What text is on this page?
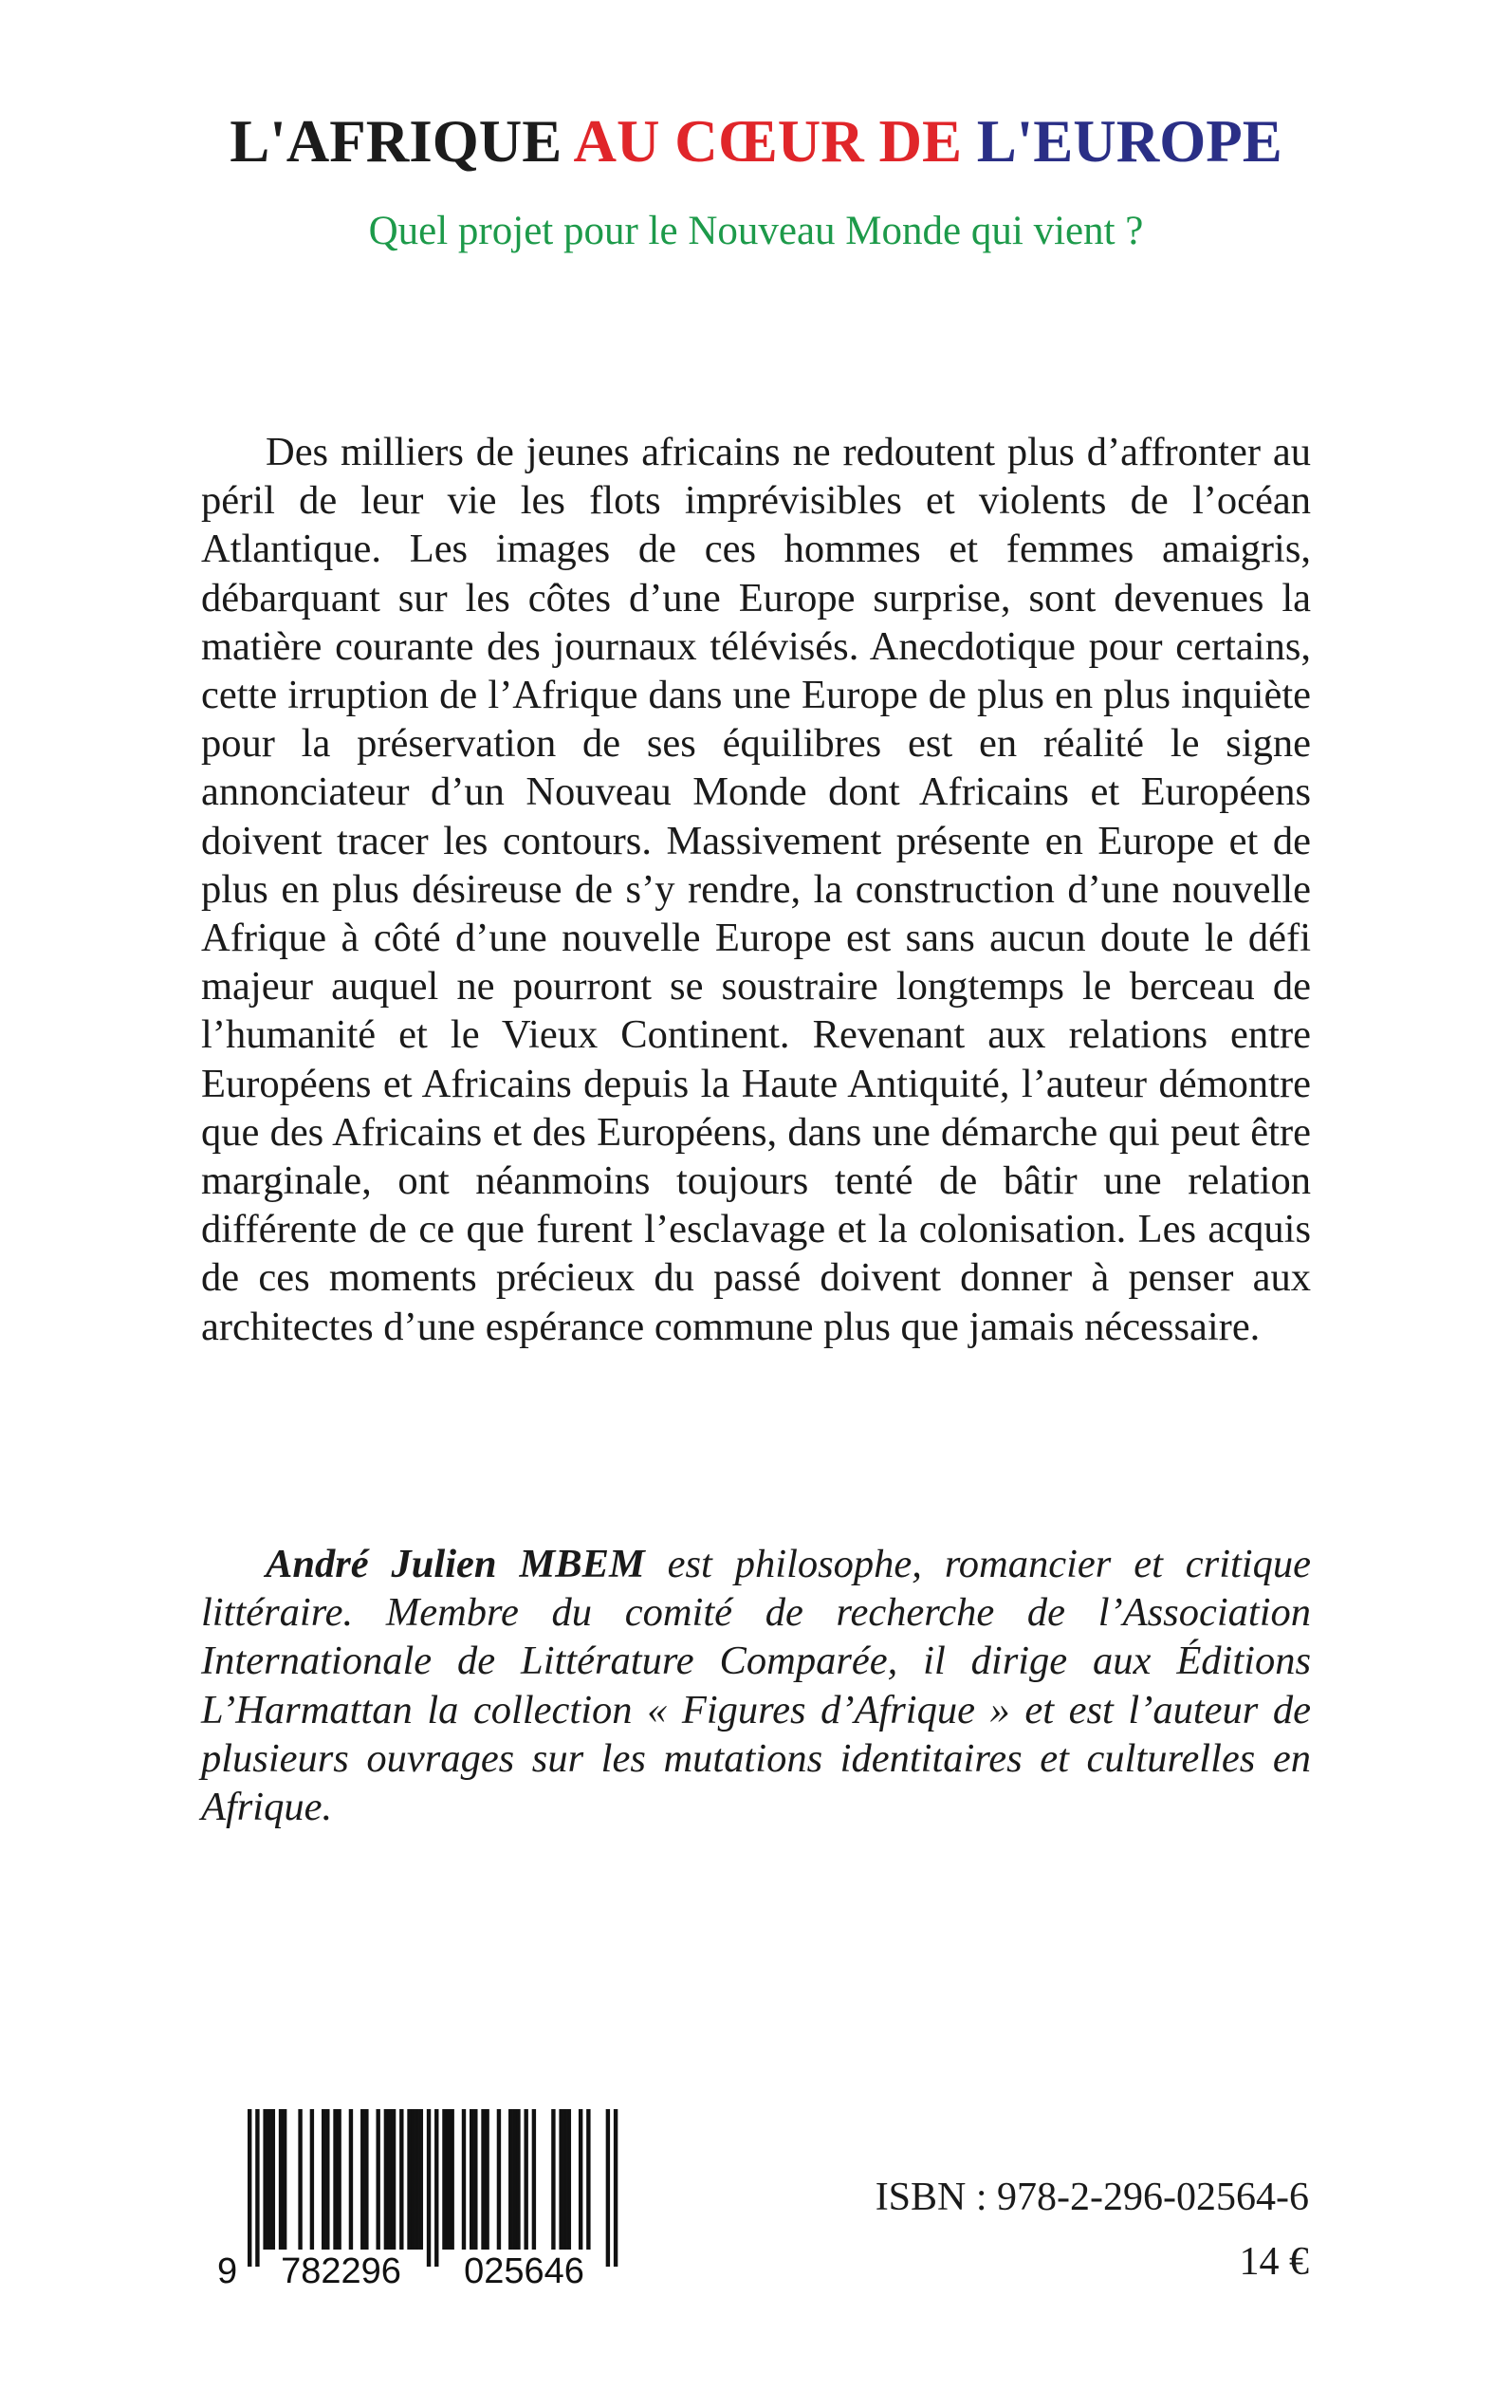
L'AFRIQUE AU CŒUR DE L'EUROPE
Quel projet pour le Nouveau Monde qui vient ?

Des milliers de jeunes africains ne redoutent plus d’affronter au péril de leur vie les flots imprévisibles et violents de l’océan Atlantique. Les images de ces hommes et femmes amaigris, débarquant sur les côtes d’une Europe surprise, sont devenues la matière courante des journaux télévisés. Anecdotique pour certains, cette irruption de l’Afrique dans une Europe de plus en plus inquiète pour la préservation de ses équilibres est en réalité le signe annonciateur d’un Nouveau Monde dont Africains et Européens doivent tracer les contours. Massivement présente en Europe et de plus en plus désireuse de s’y rendre, la construction d’une nouvelle Afrique à côté d’une nouvelle Europe est sans aucun doute le défi majeur auquel ne pourront se soustraire longtemps le berceau de l’humanité et le Vieux Continent. Revenant aux relations entre Européens et Africains depuis la Haute Antiquité, l’auteur démontre que des Africains et des Européens, dans une démarche qui peut être marginale, ont néanmoins toujours tenté de bâtir une relation différente de ce que furent l’esclavage et la colonisation. Les acquis de ces moments précieux du passé doivent donner à penser aux architectes d’une espérance commune plus que jamais nécessaire.

André Julien MBEM est philosophe, romancier et critique littéraire. Membre du comité de recherche de l’Association Internationale de Littérature Comparée, il dirige aux Éditions L’Harmattan la collection « Figures d’Afrique » et est l’auteur de plusieurs ouvrages sur les mutations identitaires et culturelles en Afrique.

9 782296 025646
ISBN : 978-2-296-02564-6
14 €
